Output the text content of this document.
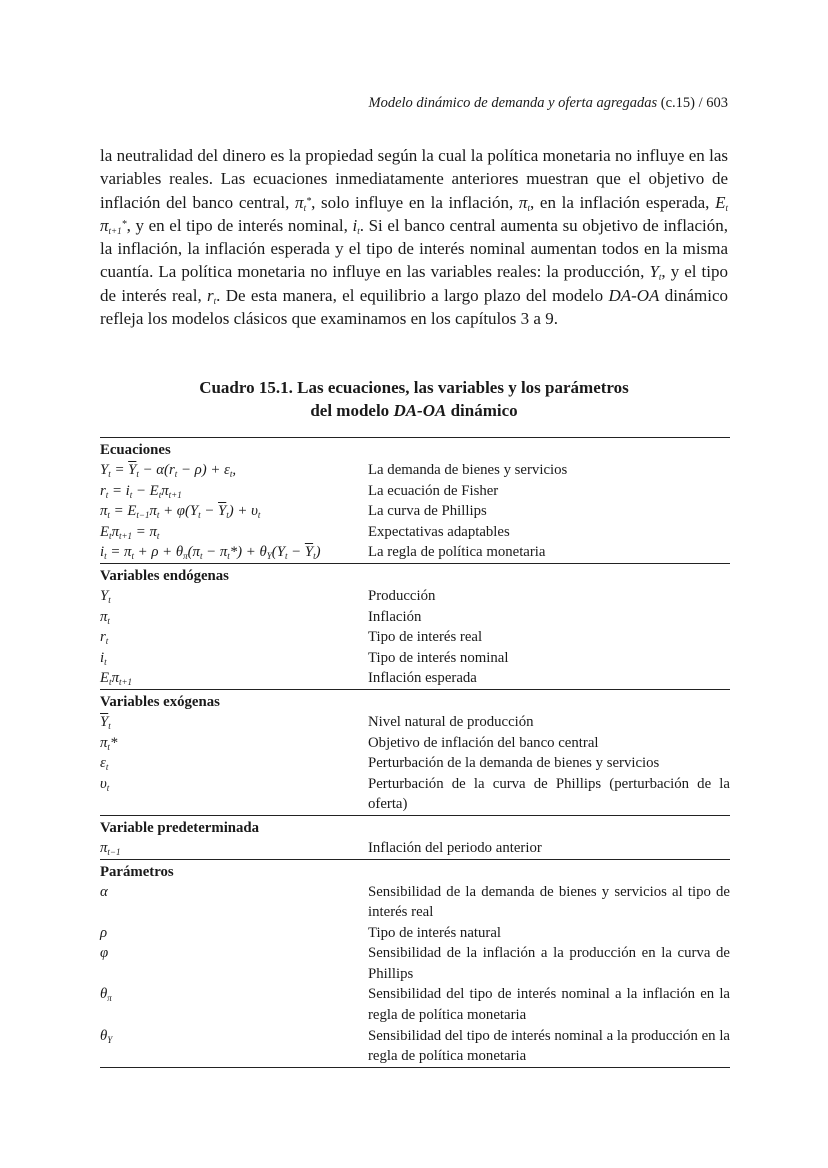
Modelo dinámico de demanda y oferta agregadas (c.15) / 603
la neutralidad del dinero es la propiedad según la cual la política monetaria no influye en las variables reales. Las ecuaciones inmediatamente anteriores muestran que el objetivo de inflación del banco central, $\pi_t^*$, solo influye en la inflación, $\pi_t$, en la inflación esperada, $E_t$ $\pi_{t+1}^*$, y en el tipo de interés nominal, $i_t$. Si el banco central aumenta su objetivo de inflación, la inflación, la inflación esperada y el tipo de interés nominal aumentan todos en la misma cuantía. La política monetaria no influye en las variables reales: la producción, $Y_t$, y el tipo de interés real, $r_t$. De esta manera, el equilibrio a largo plazo del modelo DA-OA dinámico refleja los modelos clásicos que examinamos en los capítulos 3 a 9.
Cuadro 15.1. Las ecuaciones, las variables y los parámetros
del modelo DA-OA dinámico
Ecuaciones
$Y_t = \overline{Y}_t - \alpha(r_t - \rho) + \varepsilon_t$,	La demanda de bienes y servicios
$r_t = i_t - E_t\pi_{t+1}$	La ecuación de Fisher
$\pi_t = E_{t-1}\pi_t + \varphi(Y_t - \overline{Y}_t) + \upsilon_t$	La curva de Phillips
$E_t\pi_{t+1} = \pi_t$	Expectativas adaptables
$i_t = \pi_t + \rho + \theta_\pi(\pi_t - \pi_t*) + \theta_Y(Y_t - \overline{Y}_t)$	La regla de política monetaria
Variables endógenas
$Y_t$	Producción
$\pi_t$	Inflación
$r_t$	Tipo de interés real
$i_t$	Tipo de interés nominal
$E_t\pi_{t+1}$	Inflación esperada
Variables exógenas
$\overline{Y}_t$	Nivel natural de producción
$\pi_t*$	Objetivo de inflación del banco central
$\varepsilon_t$	Perturbación de la demanda de bienes y servicios
$\upsilon_t$	Perturbación de la curva de Phillips (perturbación de la oferta)
Variable predeterminada
$\pi_{t-1}$	Inflación del periodo anterior
Parámetros
α	Sensibilidad de la demanda de bienes y servicios al tipo de interés real
ρ	Tipo de interés natural
φ	Sensibilidad de la inflación a la producción en la curva de Phillips
$\theta_\pi$	Sensibilidad del tipo de interés nominal a la inflación en la regla de política monetaria
$\theta_Y$	Sensibilidad del tipo de interés nominal a la producción en la regla de política monetaria
